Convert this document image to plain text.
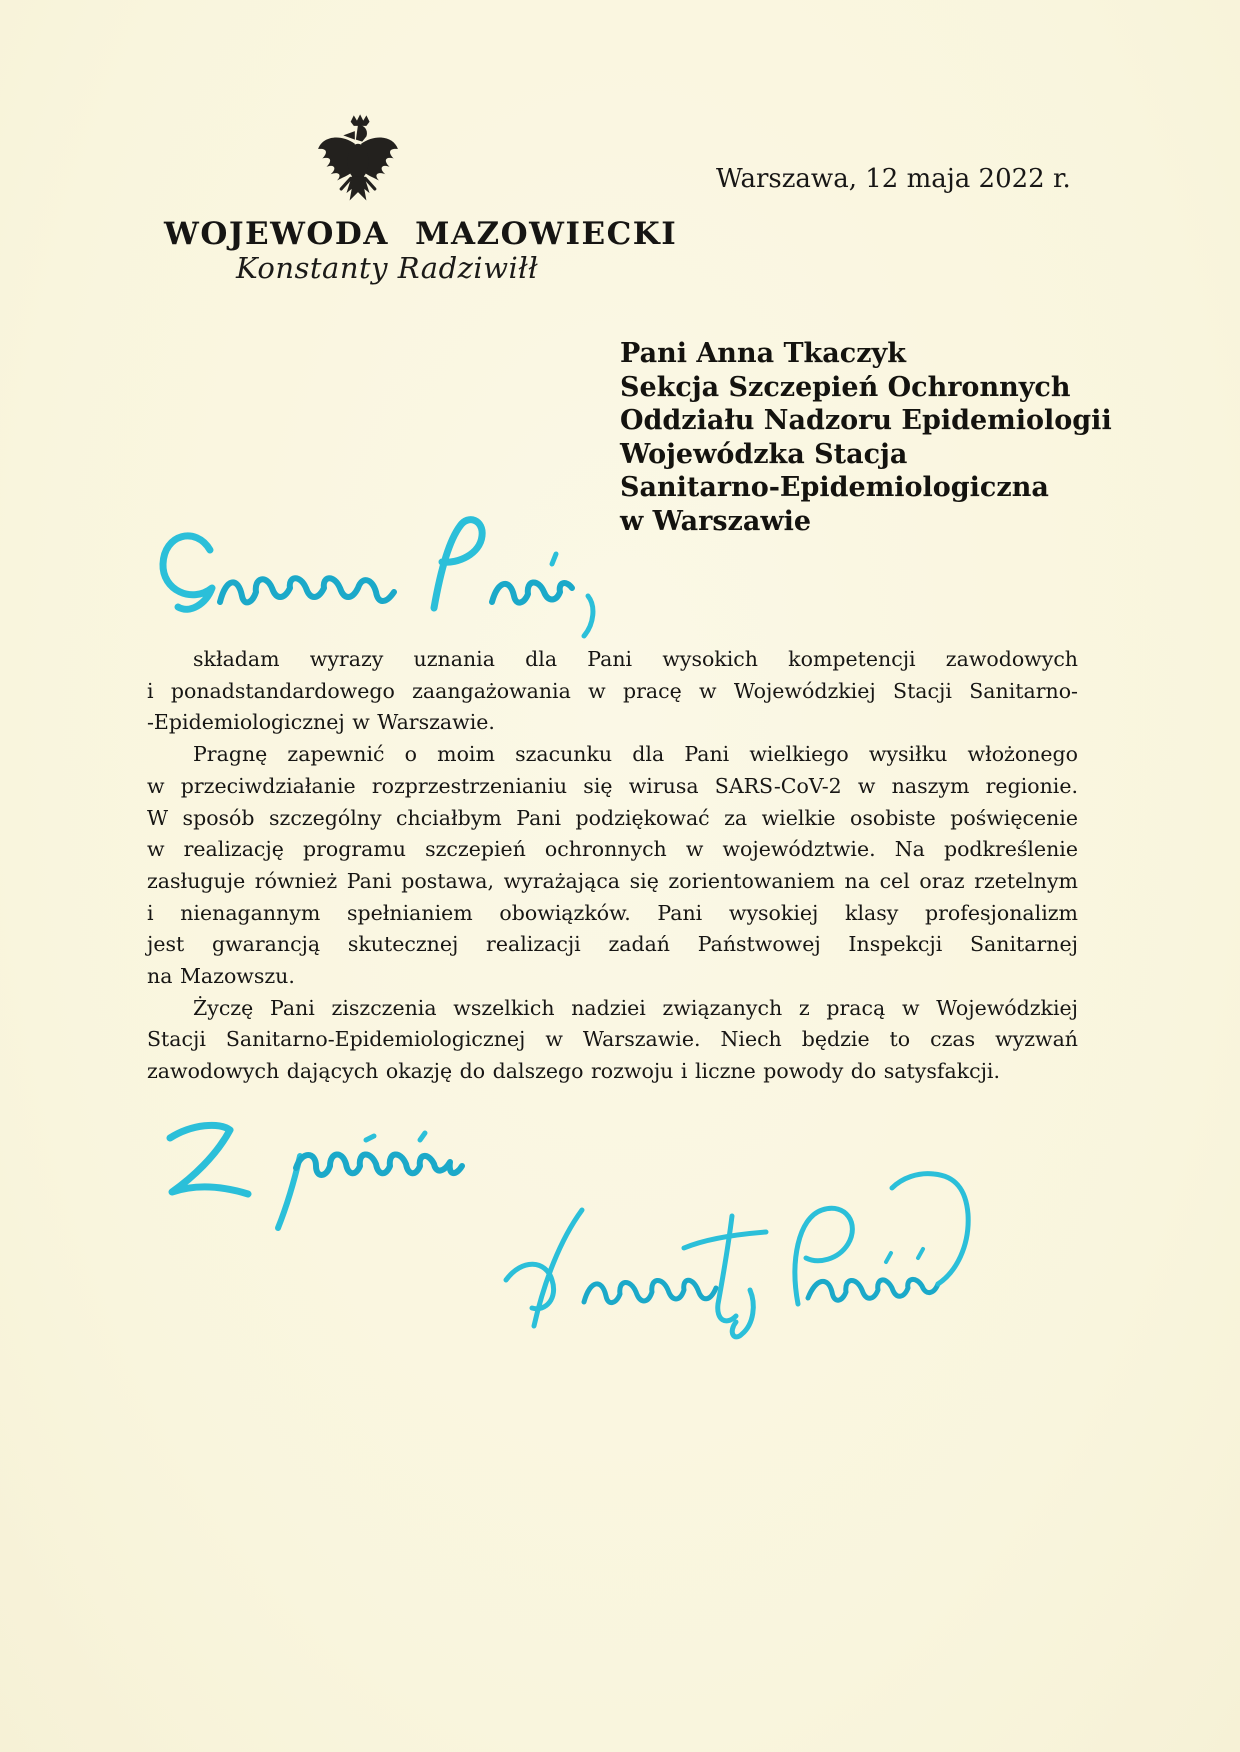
Warszawa, 12 maja 2022 r.
WOJEWODA MAZOWIECKI
Konstanty Radziwiłł
Pani Anna Tkaczyk
Sekcja Szczepień Ochronnych
Oddziału Nadzoru Epidemiologii
Wojewódzka Stacja
Sanitarno-Epidemiologiczna
w Warszawie
składam wyrazy uznania dla Pani wysokich kompetencji zawodowych
i ponadstandardowego zaangażowania w pracę w Wojewódzkiej Stacji Sanitarno-
-Epidemiologicznej w Warszawie.
Pragnę zapewnić o moim szacunku dla Pani wielkiego wysiłku włożonego
w przeciwdziałanie rozprzestrzenianiu się wirusa SARS-CoV-2 w naszym regionie.
W sposób szczególny chciałbym Pani podziękować za wielkie osobiste poświęcenie
w realizację programu szczepień ochronnych w województwie. Na podkreślenie
zasługuje również Pani postawa, wyrażająca się zorientowaniem na cel oraz rzetelnym
i nienagannym spełnianiem obowiązków. Pani wysokiej klasy profesjonalizm
jest gwarancją skutecznej realizacji zadań Państwowej Inspekcji Sanitarnej
na Mazowszu.
Życzę Pani ziszczenia wszelkich nadziei związanych z pracą w Wojewódzkiej
Stacji Sanitarno-Epidemiologicznej w Warszawie. Niech będzie to czas wyzwań
zawodowych dających okazję do dalszego rozwoju i liczne powody do satysfakcji.
